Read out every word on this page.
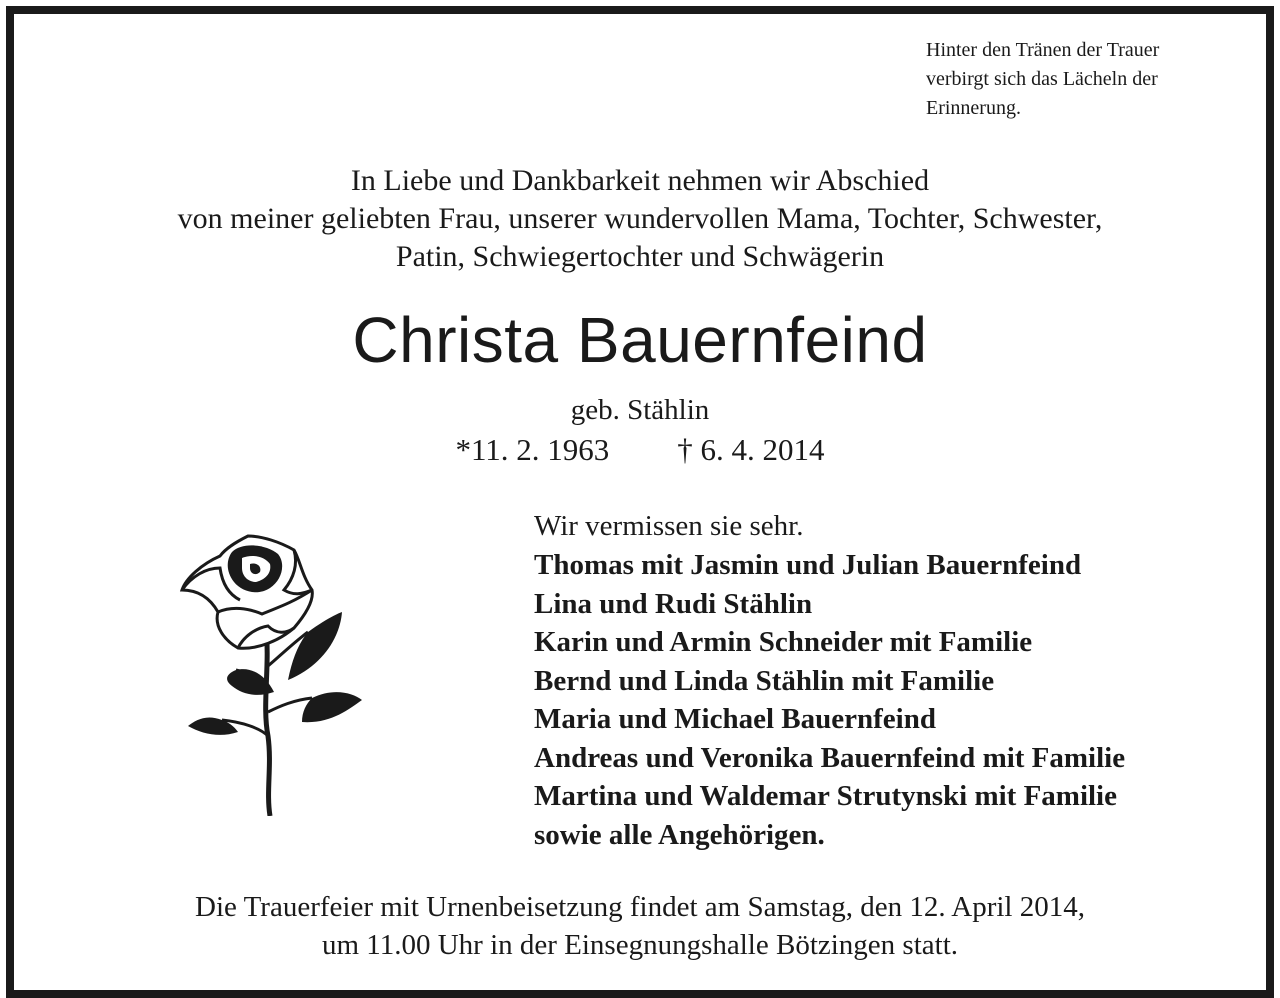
Hinter den Tränen der Trauer
verbirgt sich das Lächeln der
Erinnerung.
In Liebe und Dankbarkeit nehmen wir Abschied
von meiner geliebten Frau, unserer wundervollen Mama, Tochter, Schwester,
Patin, Schwiegertochter und Schwägerin
Christa Bauernfeind
geb. Stählin
*11. 2. 1963 † 6. 4. 2014
Wir vermissen sie sehr.
Thomas mit Jasmin und Julian Bauernfeind
Lina und Rudi Stählin
Karin und Armin Schneider mit Familie
Bernd und Linda Stählin mit Familie
Maria und Michael Bauernfeind
Andreas und Veronika Bauernfeind mit Familie
Martina und Waldemar Strutynski mit Familie
sowie alle Angehörigen.
Die Trauerfeier mit Urnenbeisetzung findet am Samstag, den 12. April 2014,
um 11.00 Uhr in der Einsegnungshalle Bötzingen statt.
